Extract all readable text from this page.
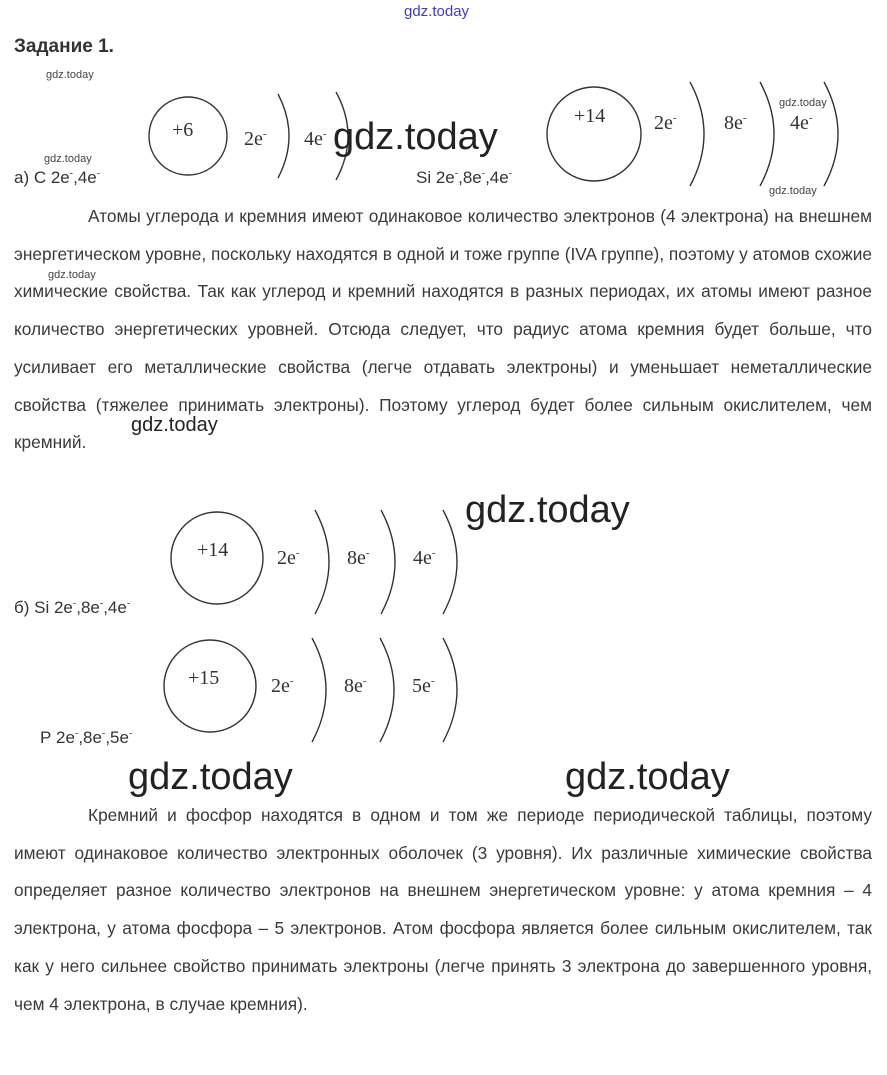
gdz.today
Задание 1.
gdz.today
gdz.today
gdz.today
gdz.today
gdz.today
+6	2e- 4e-
а) С 2е-,4е-
+14 2e- 8e- 4e-
Si 2е-,8е-,4е-
gdz.today

Атомы углерода и кремния имеют одинаковое количество электронов (4 электрона) на внешнем энергетическом уровне, поскольку находятся в одной и тоже группе (IVA группе), поэтому у атомов схожие химические свойства. Так как углерод и кремний находятся в разных периодах, их атомы имеют разное количество энергетических уровней. Отсюда следует, что радиус атома кремния будет больше, что усиливает его металлические свойства (легче отдавать электроны) и уменьшает неметаллические свойства (тяжелее принимать электроны). Поэтому углерод будет более сильным окислителем, чем кремний.

gdz.today
gdz.today
+14 2e- 8e- 4e-
б) Si 2е-,8е-,4е-
+15	2e-	8e- 5e-
Р 2е-,8е-,5е-
gdz.today	gdz.today

Кремний и фосфор находятся в одном и том же периоде периодической таблицы, поэтому имеют одинаковое количество электронных оболочек (3 уровня). Их различные химические свойства определяет разное количество электронов на внешнем энергетическом уровне: у атома кремния – 4 электрона, у атома фосфора – 5 электронов. Атом фосфора является более сильным окислителем, так как у него сильнее свойство принимать электроны (легче принять 3 электрона до завершенного уровня, чем 4 электрона, в случае кремния).
